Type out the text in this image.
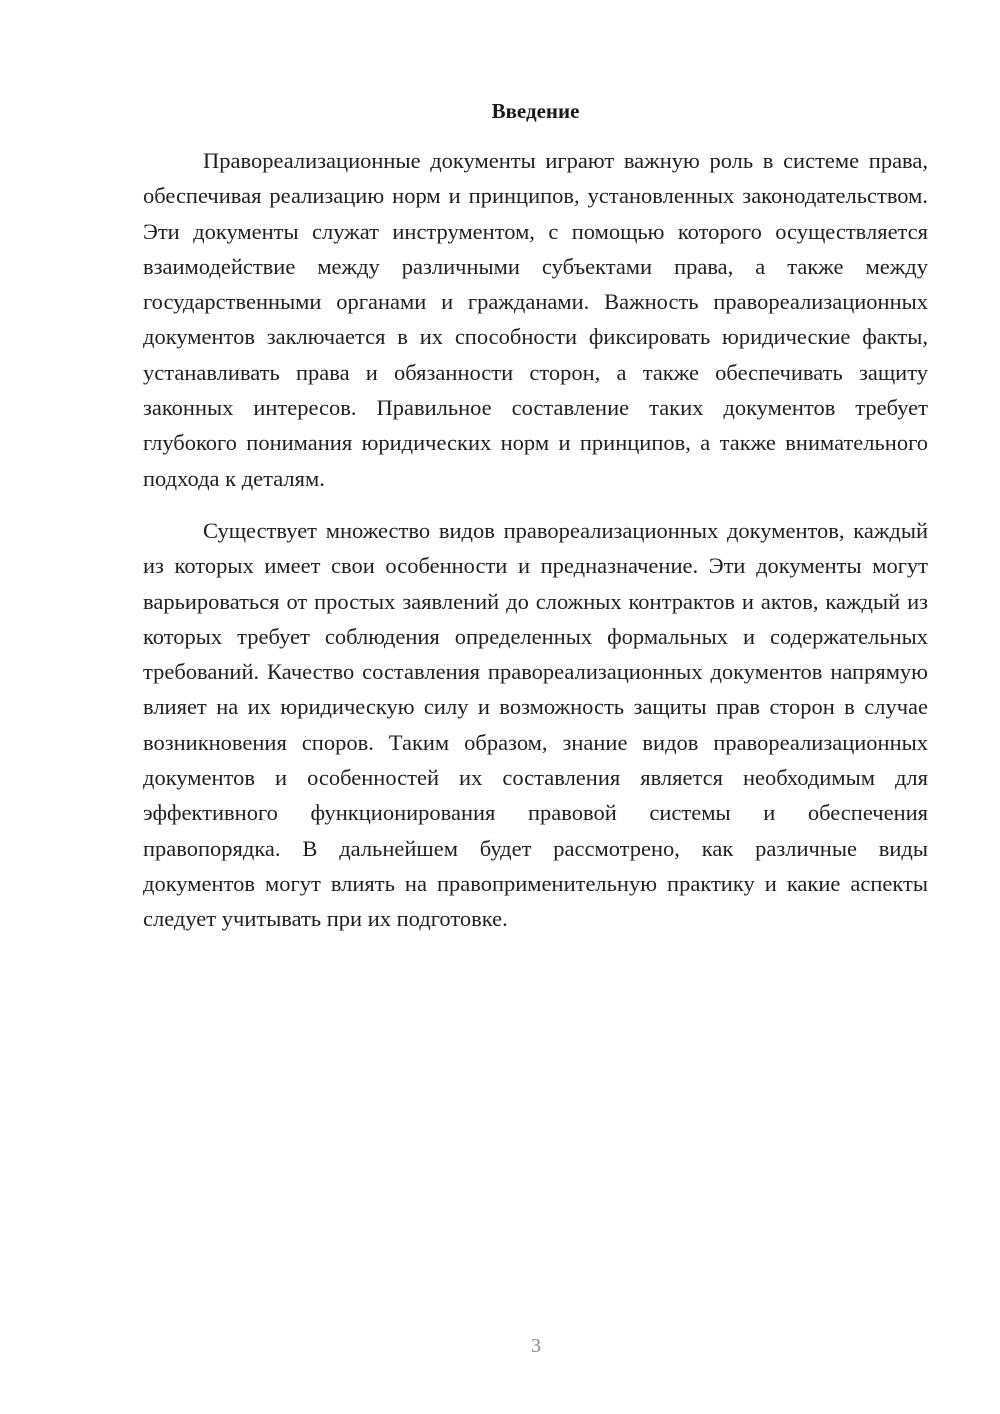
Введение

Правореализационные документы играют важную роль в системе права, обеспечивая реализацию норм и принципов, установленных законодательством. Эти документы служат инструментом, с помощью которого осуществляется взаимодействие между различными субъектами права, а также между государственными органами и гражданами. Важность правореализационных документов заключается в их способности фиксировать юридические факты, устанавливать права и обязанности сторон, а также обеспечивать защиту законных интересов. Правильное составление таких документов требует глубокого понимания юридических норм и принципов, а также внимательного подхода к деталям.

Существует множество видов правореализационных документов, каждый из которых имеет свои особенности и предназначение. Эти документы могут варьироваться от простых заявлений до сложных контрактов и актов, каждый из которых требует соблюдения определенных формальных и содержательных требований. Качество составления правореализационных документов напрямую влияет на их юридическую силу и возможность защиты прав сторон в случае возникновения споров. Таким образом, знание видов правореализационных документов и особенностей их составления является необходимым для эффективного функционирования правовой системы и обеспечения правопорядка. В дальнейшем будет рассмотрено, как различные виды документов могут влиять на правоприменительную практику и какие аспекты следует учитывать при их подготовке.

3
